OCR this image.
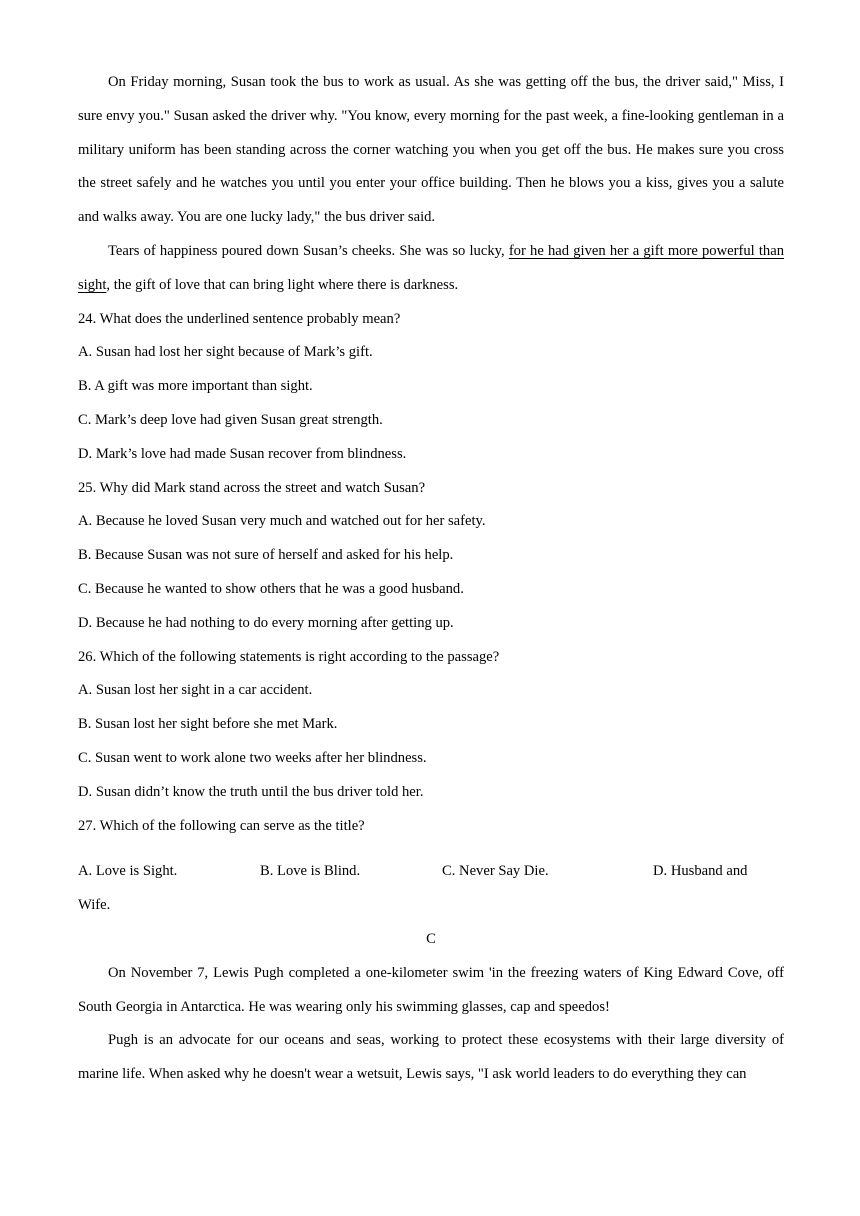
On Friday morning, Susan took the bus to work as usual. As she was getting off the bus, the driver said," Miss, I sure envy you." Susan asked the driver why. "You know, every morning for the past week, a fine-looking gentleman in a military uniform has been standing across the corner watching you when you get off the bus. He makes sure you cross the street safely and he watches you until you enter your office building. Then he blows you a kiss, gives you a salute and walks away. You are one lucky lady," the bus driver said.

Tears of happiness poured down Susan’s cheeks. She was so lucky, for he had given her a gift more powerful than sight, the gift of love that can bring light where there is darkness.

24. What does the underlined sentence probably mean?

A. Susan had lost her sight because of Mark’s gift.

B. A gift was more important than sight.

C. Mark’s deep love had given Susan great strength.

D. Mark’s love had made Susan recover from blindness.

25. Why did Mark stand across the street and watch Susan?

A. Because he loved Susan very much and watched out for her safety.

B. Because Susan was not sure of herself and asked for his help.

C. Because he wanted to show others that he was a good husband.

D. Because he had nothing to do every morning after getting up.

26. Which of the following statements is right according to the passage?

A. Susan lost her sight in a car accident.

B. Susan lost her sight before she met Mark.

C. Susan went to work alone two weeks after her blindness.

D. Susan didn’t know the truth until the bus driver told her.

27. Which of the following can serve as the title?

A. Love is Sight.	B. Love is Blind.	C. Never Say Die.	D. Husband and

Wife.

C

On November 7, Lewis Pugh completed a one-kilometer swim 'in the freezing waters of King Edward Cove, off South Georgia in Antarctica. He was wearing only his swimming glasses, cap and speedos!

Pugh is an advocate for our oceans and seas, working to protect these ecosystems with their large diversity of marine life. When asked why he doesn't wear a wetsuit, Lewis says, "I ask world leaders to do everything they can
